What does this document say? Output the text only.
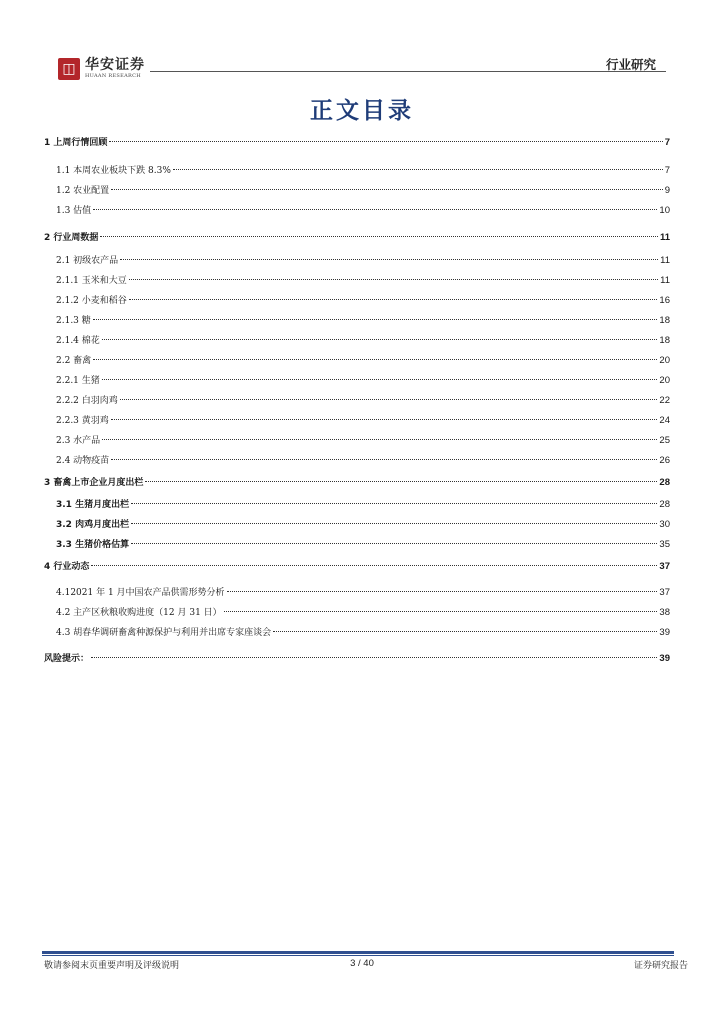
◫ 华安证券
HUAAN RESEARCH
行业研究
正文目录
1 上周行情回顾	7
1.1 本周农业板块下跌 8.3%	7
1.2 农业配置	9
1.3 估值	10
2 行业周数据	11
2.1 初级农产品	11
2.1.1 玉米和大豆	11
2.1.2 小麦和稻谷	16
2.1.3 糖	18
2.1.4 棉花	18
2.2 畜禽	20
2.2.1 生猪	20
2.2.2 白羽肉鸡	22
2.2.3 黄羽鸡	24
2.3 水产品	25
2.4 动物疫苗	26
3 畜禽上市企业月度出栏	28
3.1 生猪月度出栏	28
3.2 肉鸡月度出栏	30
3.3 生猪价格估算	35
4 行业动态	37
4.12021 年 1 月中国农产品供需形势分析	37
4.2 主产区秋粮收购进度（12 月 31 日）	38
4.3 胡春华调研畜禽种源保护与利用并出席专家座谈会	39
风险提示：	39
敬请参阅末页重要声明及评级说明	3 / 40	证券研究报告
